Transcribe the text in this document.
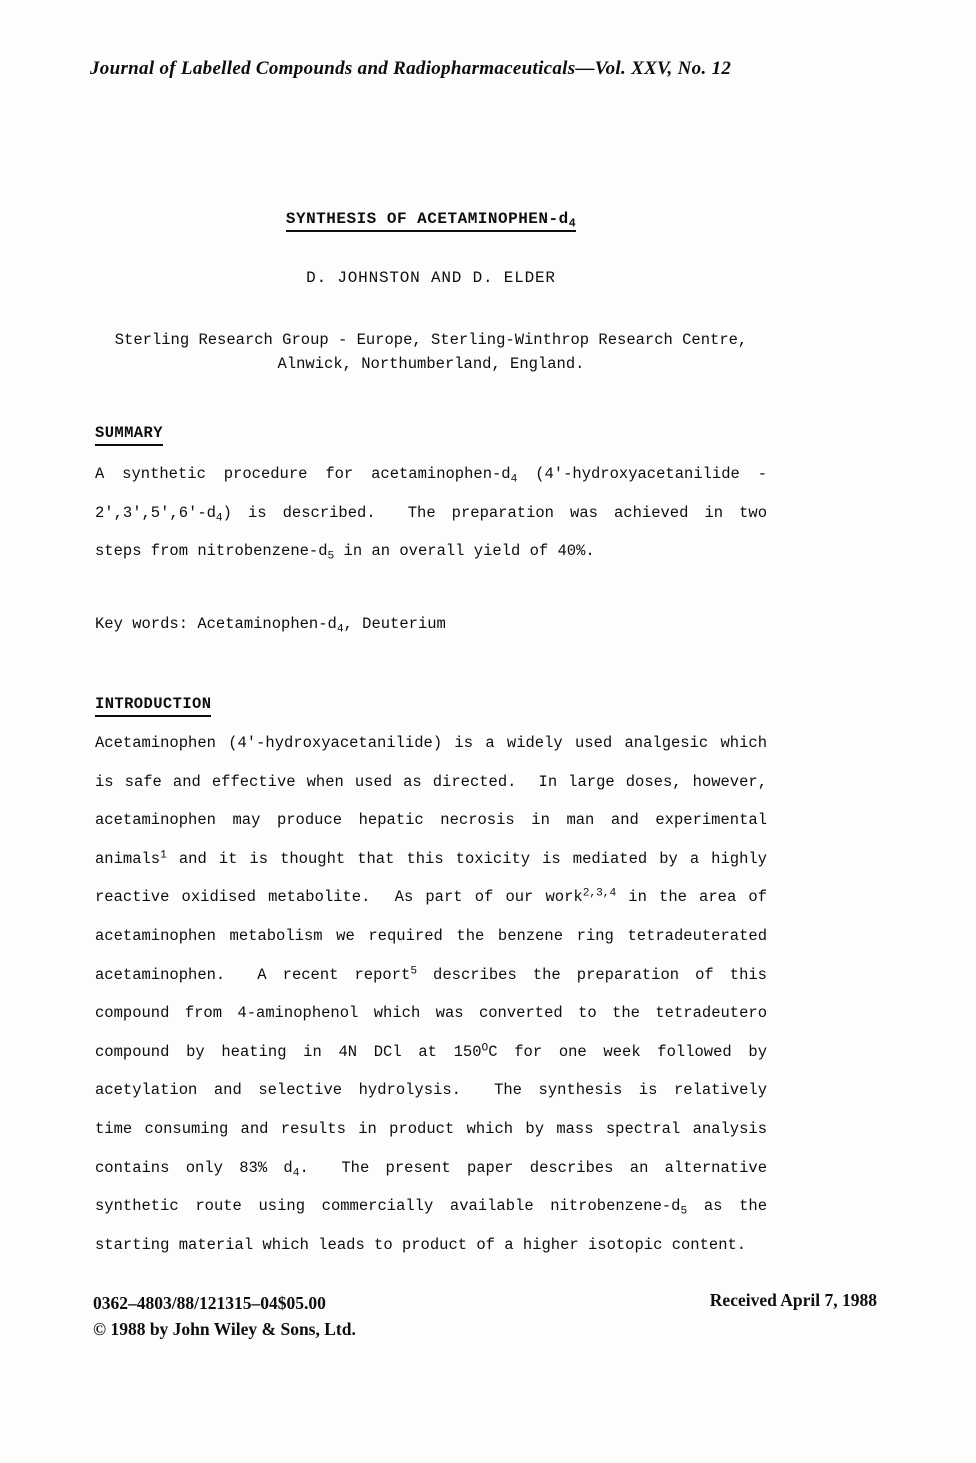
Journal of Labelled Compounds and Radiopharmaceuticals—Vol. XXV, No. 12
SYNTHESIS OF ACETAMINOPHEN-$d_4$
D. JOHNSTON AND D. ELDER
Sterling Research Group - Europe, Sterling-Winthrop Research Centre,
Alnwick, Northumberland, England.
SUMMARY
A synthetic procedure for acetaminophen-$d_4$ (4'-hydroxyacetanilide -
$2',3',5',6'-d_4$) is described.  The preparation was achieved in two
steps from nitrobenzene-$d_5$ in an overall yield of 40%.
Key words: Acetaminophen-$d_4$, Deuterium
INTRODUCTION
Acetaminophen (4'-hydroxyacetanilide) is a widely used analgesic which
is safe and effective when used as directed.  In large doses, however,
acetaminophen may produce hepatic necrosis in man and experimental
animals$^1$ and it is thought that this toxicity is mediated by a highly
reactive oxidised metabolite.  As part of our work$^{2,3,4}$ in the area of
acetaminophen metabolism we required the benzene ring tetradeuterated
acetaminophen.  A recent report$^5$ describes the preparation of this
compound from 4-aminophenol which was converted to the tetradeutero
compound by heating in 4N DCl at $150^OC$ for one week followed by
acetylation and selective hydrolysis.  The synthesis is relatively
time consuming and results in product which by mass spectral analysis
contains only 83% $d_4$.  The present paper describes an alternative
synthetic route using commercially available nitrobenzene-$d_5$ as the
starting material which leads to product of a higher isotopic content.
0362–4803/88/121315–04$05.00
© 1988 by John Wiley & Sons, Ltd.
Received April 7, 1988
